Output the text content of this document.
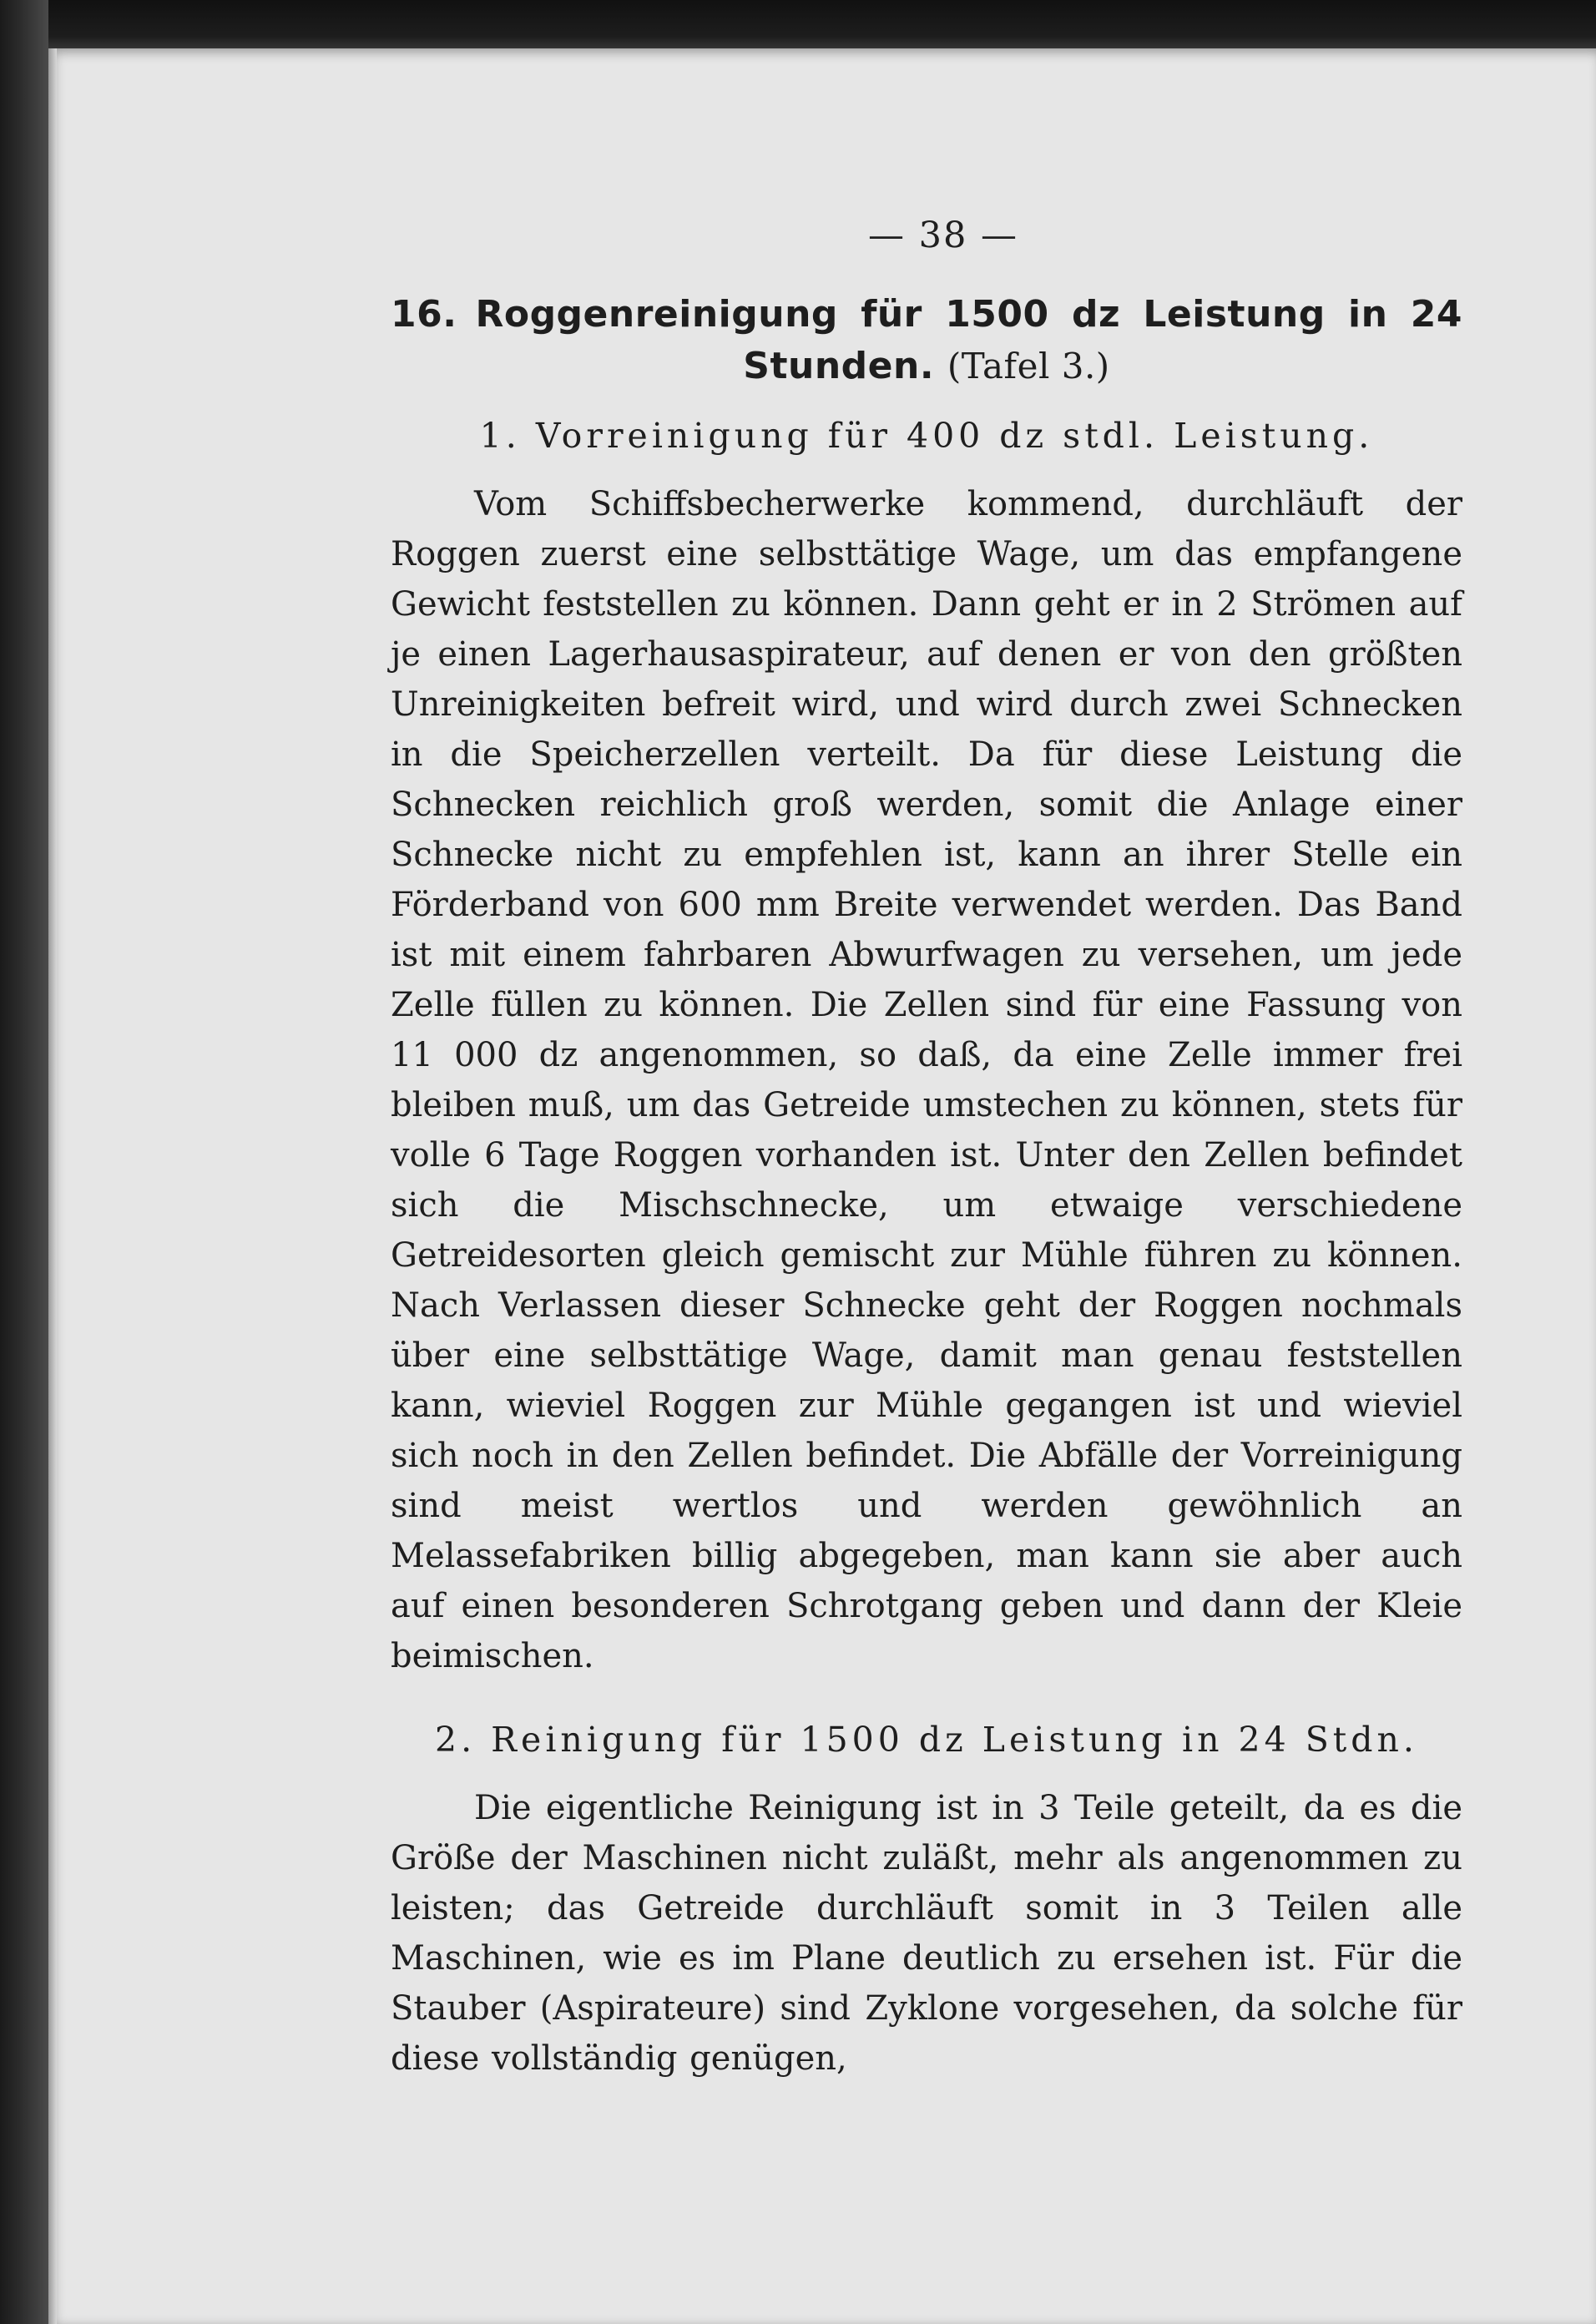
— 38 —
16. Roggenreinigung für 1500 dz Leistung in 24 Stunden. (Tafel 3.)
1. Vorreinigung für 400 dz stdl. Leistung.

Vom Schiffsbecherwerke kommend, durchläuft der Roggen zuerst eine selbsttätige Wage, um das empfangene Gewicht feststellen zu können. Dann geht er in 2 Strömen auf je einen Lagerhausaspirateur, auf denen er von den größten Unreinigkeiten befreit wird, und wird durch zwei Schnecken in die Speicherzellen verteilt. Da für diese Leistung die Schnecken reichlich groß werden, somit die Anlage einer Schnecke nicht zu empfehlen ist, kann an ihrer Stelle ein Förderband von 600 mm Breite verwendet werden. Das Band ist mit einem fahrbaren Abwurfwagen zu versehen, um jede Zelle füllen zu können. Die Zellen sind für eine Fassung von 11 000 dz angenommen, so daß, da eine Zelle immer frei bleiben muß, um das Getreide umstechen zu können, stets für volle 6 Tage Roggen vorhanden ist. Unter den Zellen befindet sich die Mischschnecke, um etwaige verschiedene Getreidesorten gleich gemischt zur Mühle führen zu können. Nach Verlassen dieser Schnecke geht der Roggen nochmals über eine selbsttätige Wage, damit man genau feststellen kann, wieviel Roggen zur Mühle gegangen ist und wieviel sich noch in den Zellen befindet. Die Abfälle der Vorreinigung sind meist wertlos und werden gewöhnlich an Melassefabriken billig abgegeben, man kann sie aber auch auf einen besonderen Schrotgang geben und dann der Kleie beimischen.

2. Reinigung für 1500 dz Leistung in 24 Stdn.

Die eigentliche Reinigung ist in 3 Teile geteilt, da es die Größe der Maschinen nicht zuläßt, mehr als angenommen zu leisten; das Getreide durchläuft somit in 3 Teilen alle Maschinen, wie es im Plane deutlich zu ersehen ist. Für die Stauber (Aspirateure) sind Zyklone vorgesehen, da solche für diese vollständig genügen,
